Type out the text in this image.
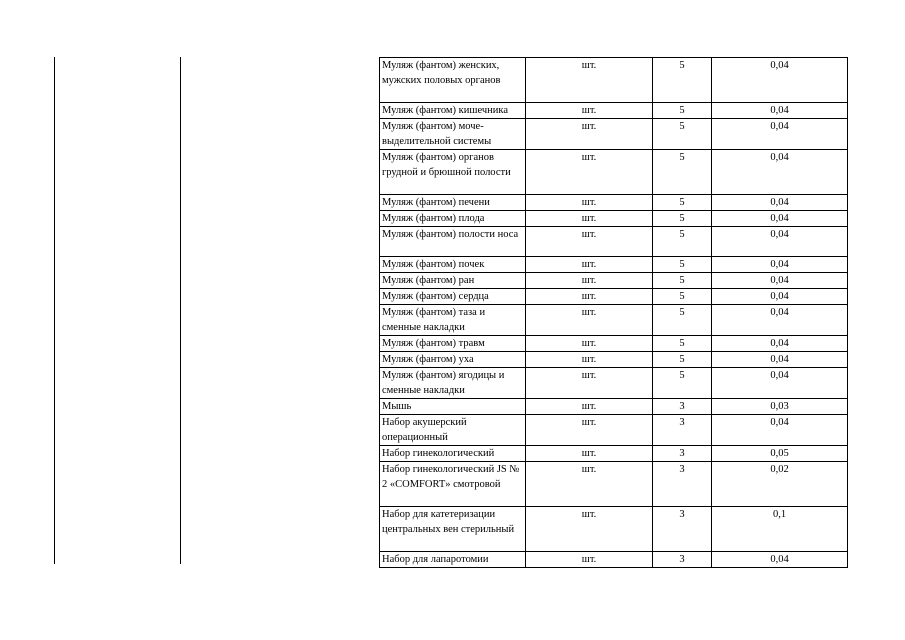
Муляж (фантом) женских, мужских половых органов	шт.	5	0,04
Муляж (фантом) кишечника	шт.	5	0,04
Муляж (фантом) моче-выделительной системы	шт.	5	0,04
Муляж (фантом) органов грудной и брюшной полости	шт.	5	0,04
Муляж (фантом) печени	шт.	5	0,04
Муляж (фантом) плода	шт.	5	0,04
Муляж (фантом) полости носа	шт.	5	0,04
Муляж (фантом) почек	шт.	5	0,04
Муляж (фантом) ран	шт.	5	0,04
Муляж (фантом) сердца	шт.	5	0,04
Муляж (фантом) таза и сменные накладки	шт.	5	0,04
Муляж (фантом) травм	шт.	5	0,04
Муляж (фантом) уха	шт.	5	0,04
Муляж (фантом) ягодицы и сменные накладки	шт.	5	0,04
Мышь	шт.	3	0,03
Набор акушерский операционный	шт.	3	0,04
Набор гинекологический	шт.	3	0,05
Набор гинекологический JS № 2 «COMFORT» смотровой	шт.	3	0,02
Набор для катетеризации центральных вен стерильный	шт.	3	0,1
Набор для лапаротомии	шт.	3	0,04
